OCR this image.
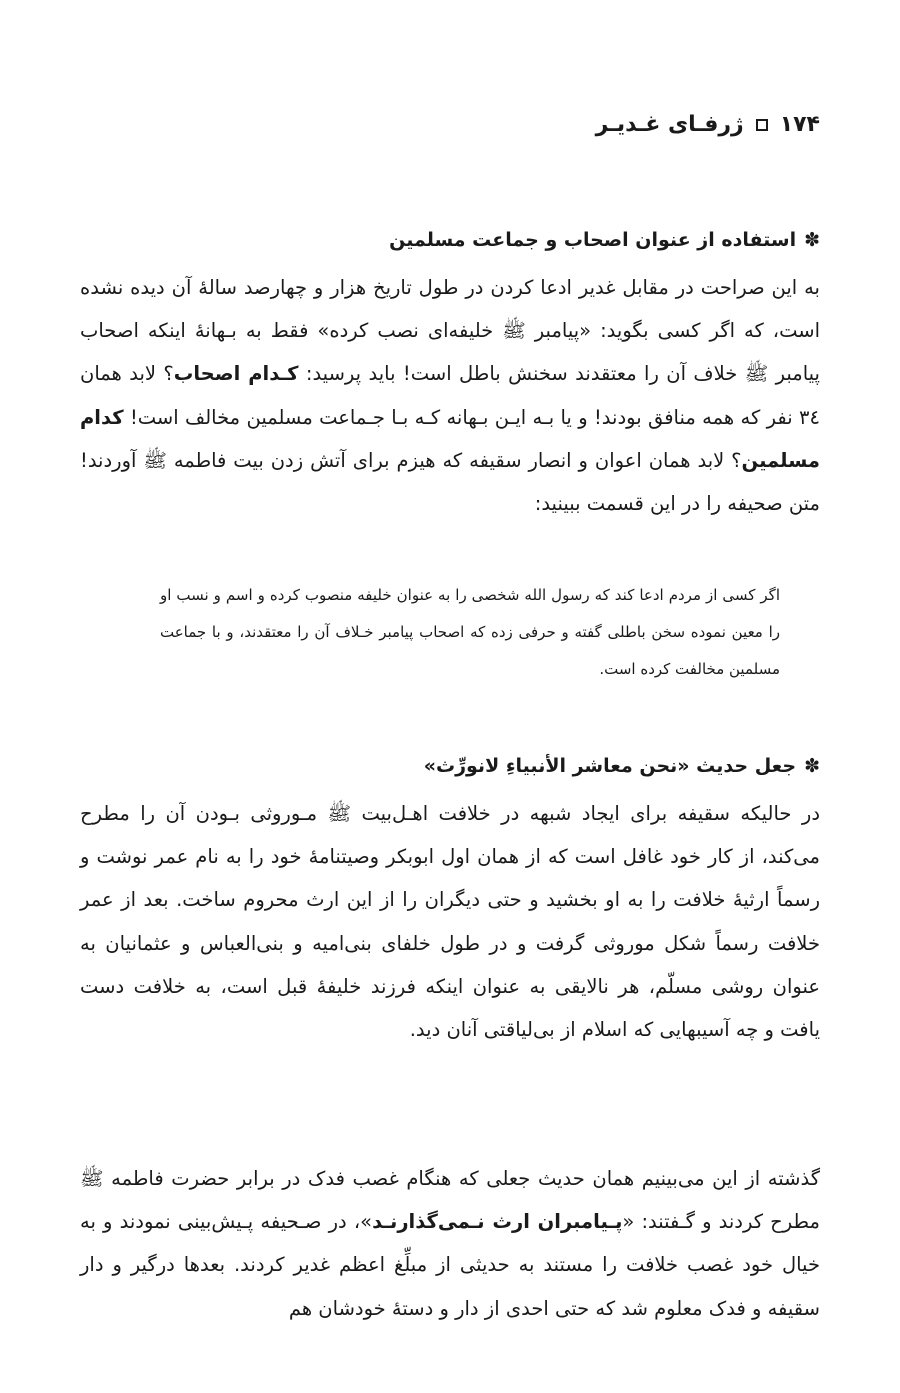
۱۷۴
ژرفـای غـدیـر
✽استفاده از عنوان اصحاب و جماعت مسلمین

به این صراحت در مقابل غدیر ادعا کردن در طول تاریخ هزار و چهارصد سالهٔ آن دیده نشده است، که اگر کسی بگوید: «پیامبر ﷺ خلیفه‌ای نصب کرده» فقط به بـهانهٔ اینکه اصحاب پیامبر ﷺ خلاف آن را معتقدند سخنش باطل است! باید پرسید: کـدام اصحاب؟ لابد همان ۳٤ نفر که همه منافق بودند! و یا بـه ایـن بـهانه کـه بـا جـماعت مسلمین مخالف است! کدام مسلمین؟ لابد همان اعوان و انصار سقیفه که هیزم برای آتش زدن بیت فاطمه ﷺ آوردند! متن صحیفه را در این قسمت ببینید:

اگر کسی از مردم ادعا کند که رسول الله شخصی را به عنوان خلیفه منصوب کرده و اسم و نسب او را معین نموده سخن باطلی گفته و حرفی زده که اصحاب پیامبر خـلاف آن را معتقدند، و با جماعت مسلمین مخالفت کرده است.

✽جعل حدیث «نحن معاشر الأنبیاءِ لانورِّث»

در حالیکه سقیفه برای ایجاد شبهه در خلافت اهـل‌بیت ﷺ مـوروثی بـودن آن را مطرح می‌کند، از کار خود غافل است که از همان اول ابوبکر وصیتنامهٔ خود را به نام عمر نوشت و رسماً ارثیهٔ خلافت را به او بخشید و حتی دیگران را از این ارث محروم ساخت. بعد از عمر خلافت رسماً شکل موروثی گرفت و در طول خلفای بنی‌امیه و بنی‌العباس و عثمانیان به عنوان روشی مسلّم، هر نالایقی به عنوان اینکه فرزند خلیفهٔ قبل است، به خلافت دست یافت و چه آسیبهایی که اسلام از بی‌لیاقتی آنان دید.

گذشته از این می‌بینیم همان حدیث جعلی که هنگام غصب فدک در برابر حضرت فاطمه ﷺ مطرح کردند و گـفتند: «پـیامبران ارث نـمی‌گذارنـد»، در صـحیفه پـیش‌بینی نمودند و به خیال خود غصب خلافت را مستند به حدیثی از مبلِّغ اعظم غدیر کردند. بعدها درگیر و دار سقیفه و فدک معلوم شد که حتی احدی از دار و دستهٔ خودشان هم
